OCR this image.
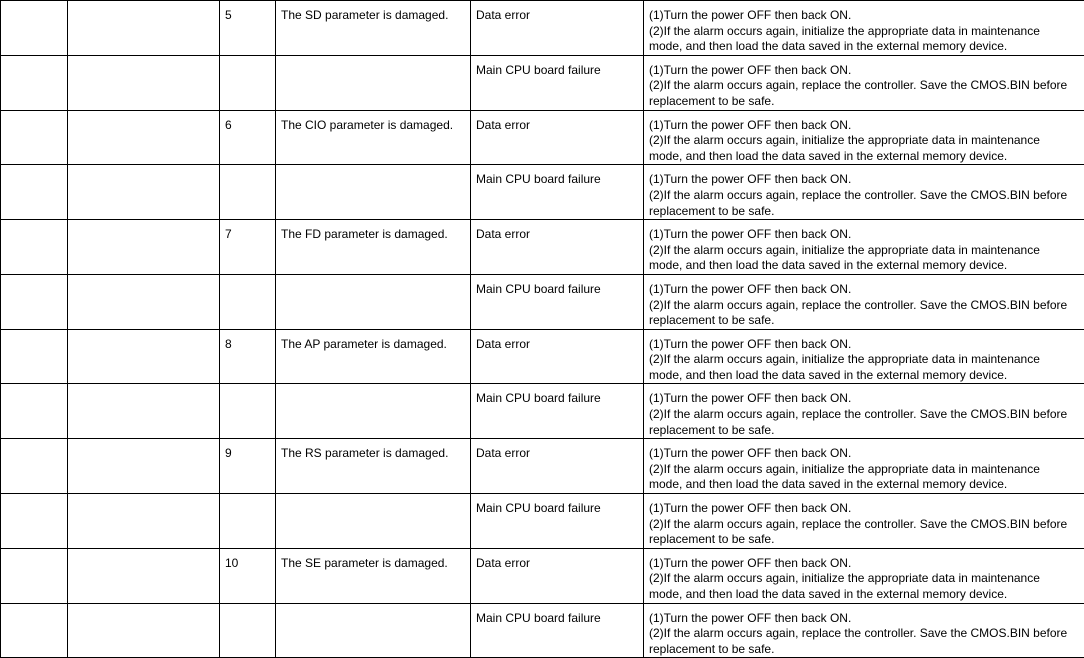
		5	The SD parameter is damaged.	Data error	(1)Turn the power OFF then back ON.
(2)If the alarm occurs again, initialize the appropriate data in maintenance
mode, and then load the data saved in the external memory device.

				Main CPU board failure	(1)Turn the power OFF then back ON.
(2)If the alarm occurs again, replace the controller. Save the CMOS.BIN before
replacement to be safe.

		6	The CIO parameter is damaged.	Data error	(1)Turn the power OFF then back ON.
(2)If the alarm occurs again, initialize the appropriate data in maintenance
mode, and then load the data saved in the external memory device.

				Main CPU board failure	(1)Turn the power OFF then back ON.
(2)If the alarm occurs again, replace the controller. Save the CMOS.BIN before
replacement to be safe.

		7	The FD parameter is damaged.	Data error	(1)Turn the power OFF then back ON.
(2)If the alarm occurs again, initialize the appropriate data in maintenance
mode, and then load the data saved in the external memory device.

				Main CPU board failure	(1)Turn the power OFF then back ON.
(2)If the alarm occurs again, replace the controller. Save the CMOS.BIN before
replacement to be safe.

		8	The AP parameter is damaged.	Data error	(1)Turn the power OFF then back ON.
(2)If the alarm occurs again, initialize the appropriate data in maintenance
mode, and then load the data saved in the external memory device.

				Main CPU board failure	(1)Turn the power OFF then back ON.
(2)If the alarm occurs again, replace the controller. Save the CMOS.BIN before
replacement to be safe.

		9	The RS parameter is damaged.	Data error	(1)Turn the power OFF then back ON.
(2)If the alarm occurs again, initialize the appropriate data in maintenance
mode, and then load the data saved in the external memory device.

				Main CPU board failure	(1)Turn the power OFF then back ON.
(2)If the alarm occurs again, replace the controller. Save the CMOS.BIN before
replacement to be safe.

		10	The SE parameter is damaged.	Data error	(1)Turn the power OFF then back ON.
(2)If the alarm occurs again, initialize the appropriate data in maintenance
mode, and then load the data saved in the external memory device.

				Main CPU board failure	(1)Turn the power OFF then back ON.
(2)If the alarm occurs again, replace the controller. Save the CMOS.BIN before
replacement to be safe.
